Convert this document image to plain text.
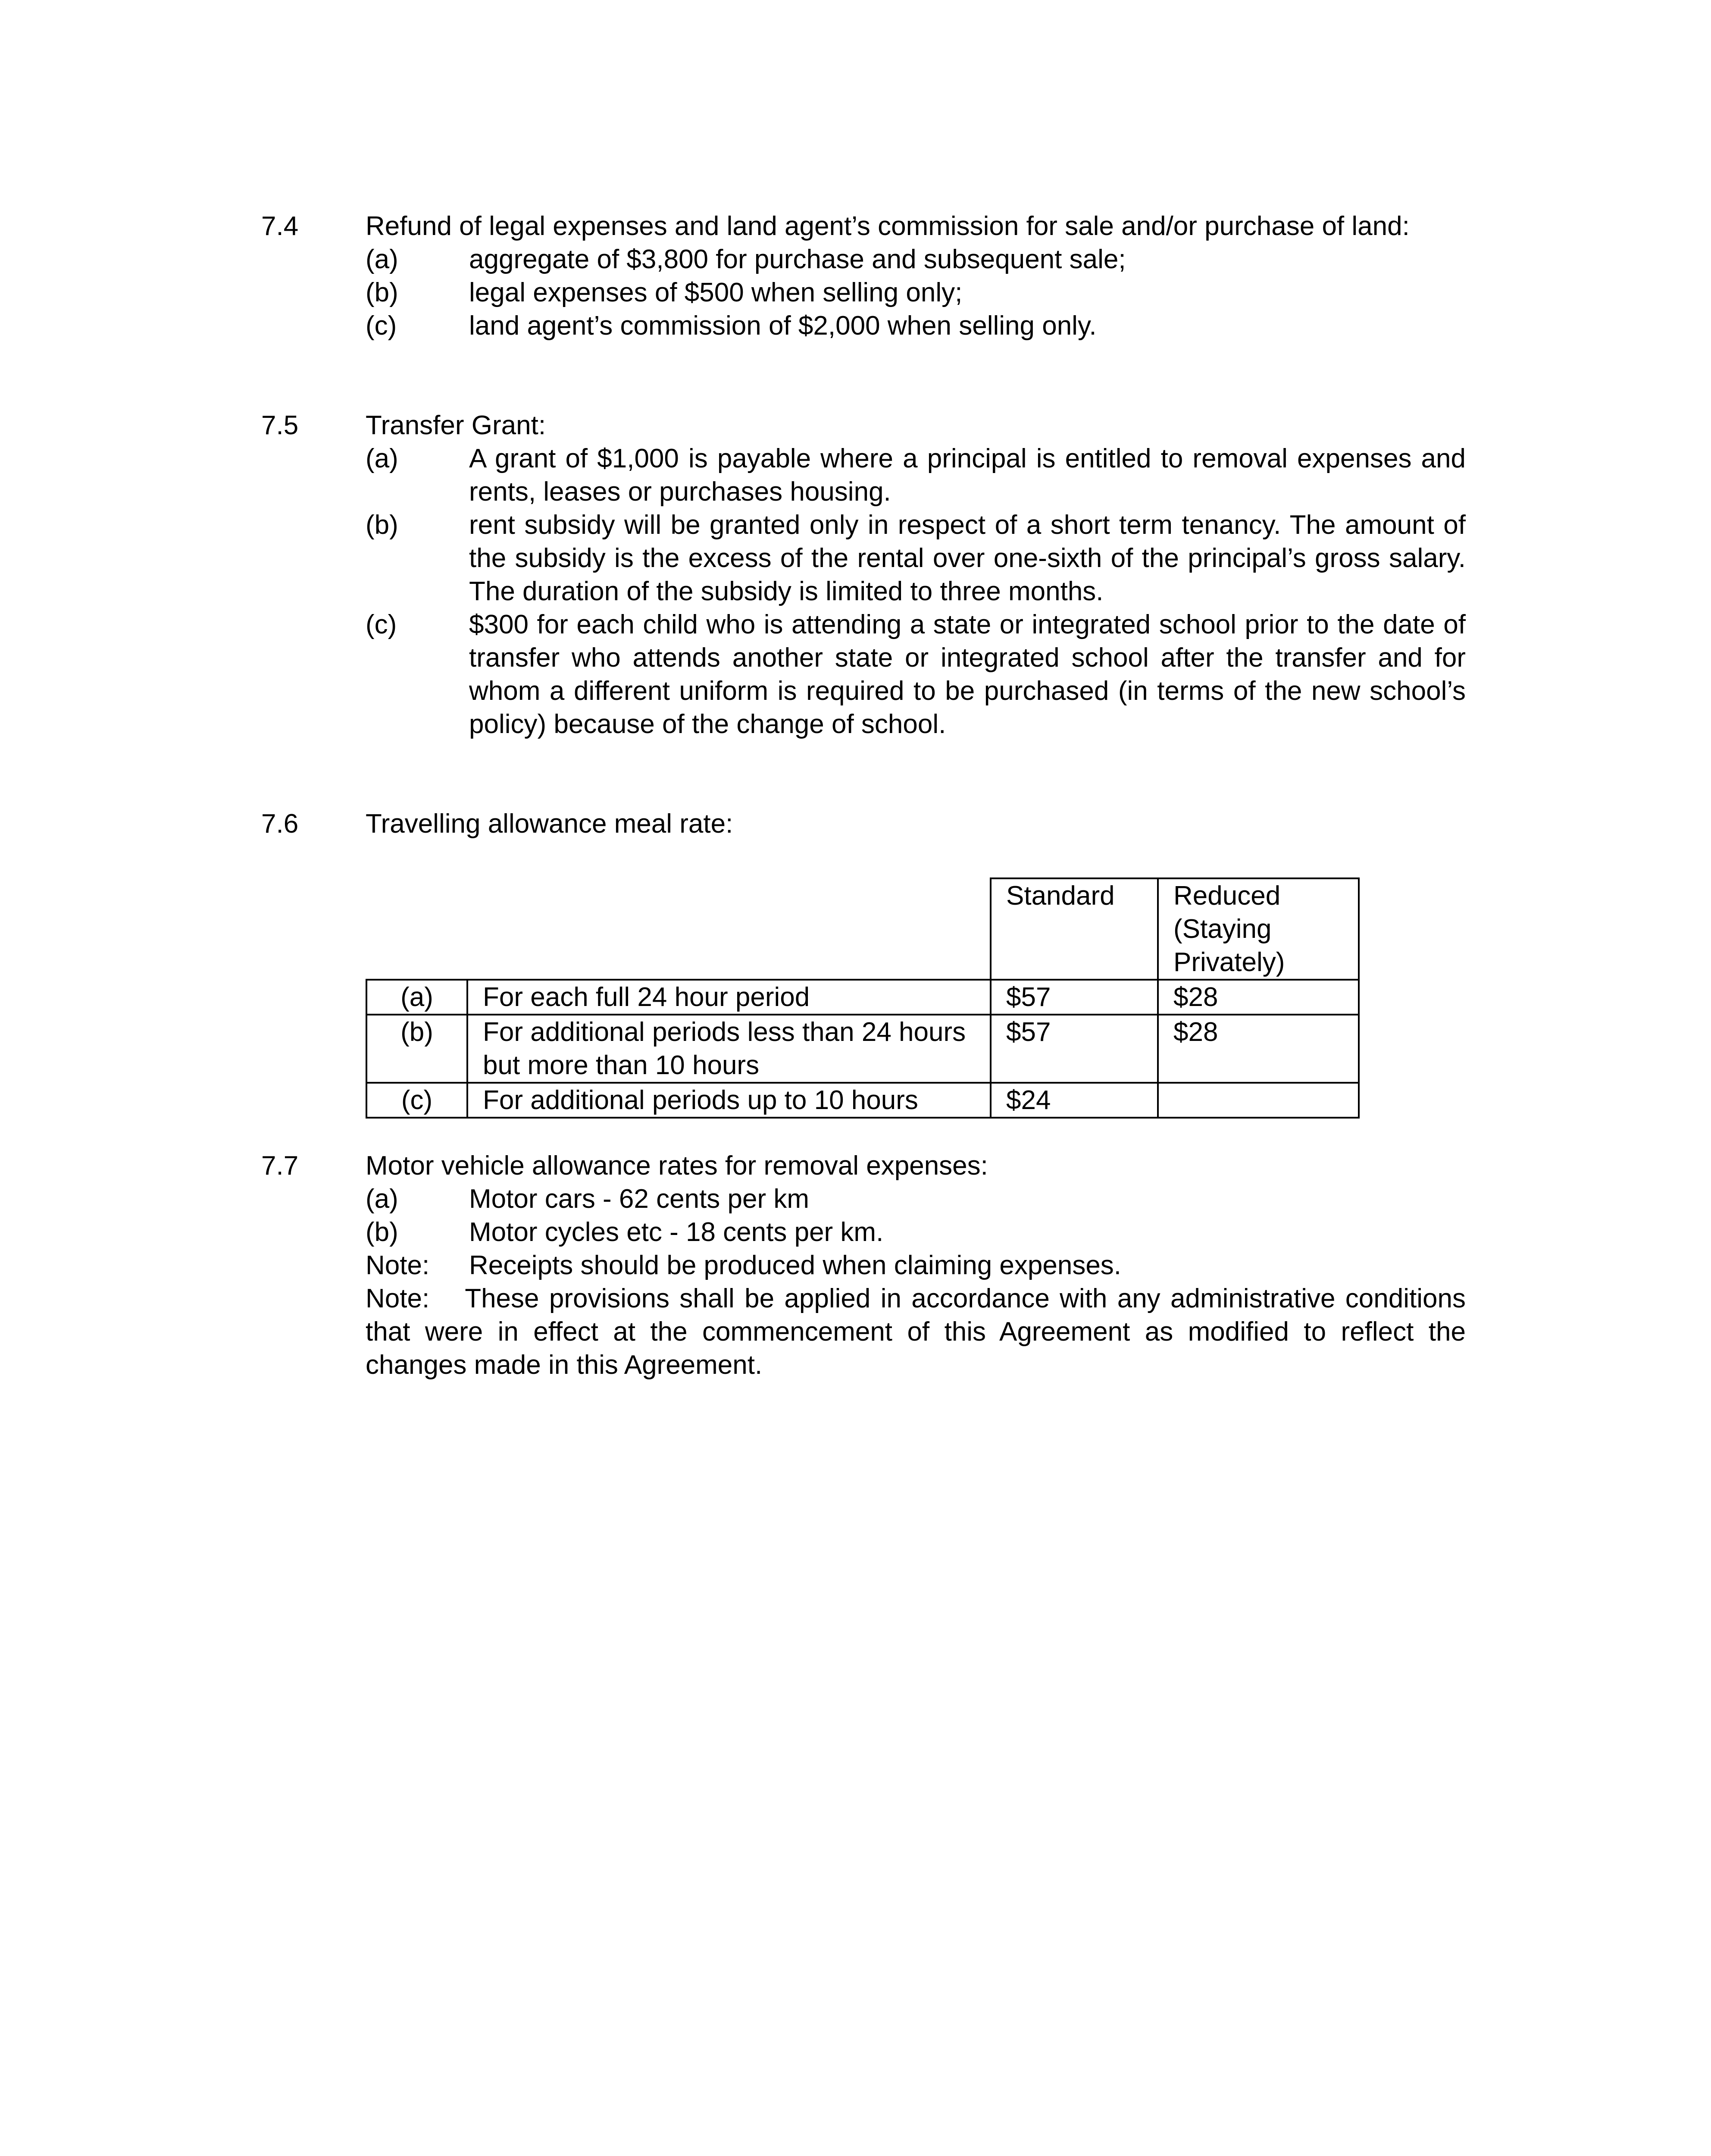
7.4	Refund of legal expenses and land agent’s commission for sale and/or purchase of land:

(a)	aggregate of $3,800 for purchase and subsequent sale;
(b)	legal expenses of $500 when selling only;
(c)	land agent’s commission of $2,000 when selling only.
7.5	Transfer Grant:

(a)	A grant of $1,000 is payable where a principal is entitled to removal expenses and rents, leases or purchases housing.
(b)	rent subsidy will be granted only in respect of a short term tenancy. The amount of the subsidy is the excess of the rental over one-sixth of the principal’s gross salary. The duration of the subsidy is limited to three months.
(c)	$300 for each child who is attending a state or integrated school prior to the date of transfer who attends another state or integrated school after the transfer and for whom a different uniform is required to be purchased (in terms of the new school’s policy) because of the change of school.
7.6	Travelling allowance meal rate:

		Standard	Reduced (Staying Privately)
(a)	For each full 24 hour period	$57	$28
(b)	For additional periods less than 24 hours but more than 10 hours	$57	$28
(c)	For additional periods up to 10 hours	$24	
7.7	Motor vehicle allowance rates for removal expenses:

(a)	Motor cars - 62 cents per km
(b)	Motor cycles etc - 18 cents per km.
Note: Receipts should be produced when claiming expenses.

Note: These provisions shall be applied in accordance with any administrative conditions that were in effect at the commencement of this Agreement as modified to reflect the changes made in this Agreement.
